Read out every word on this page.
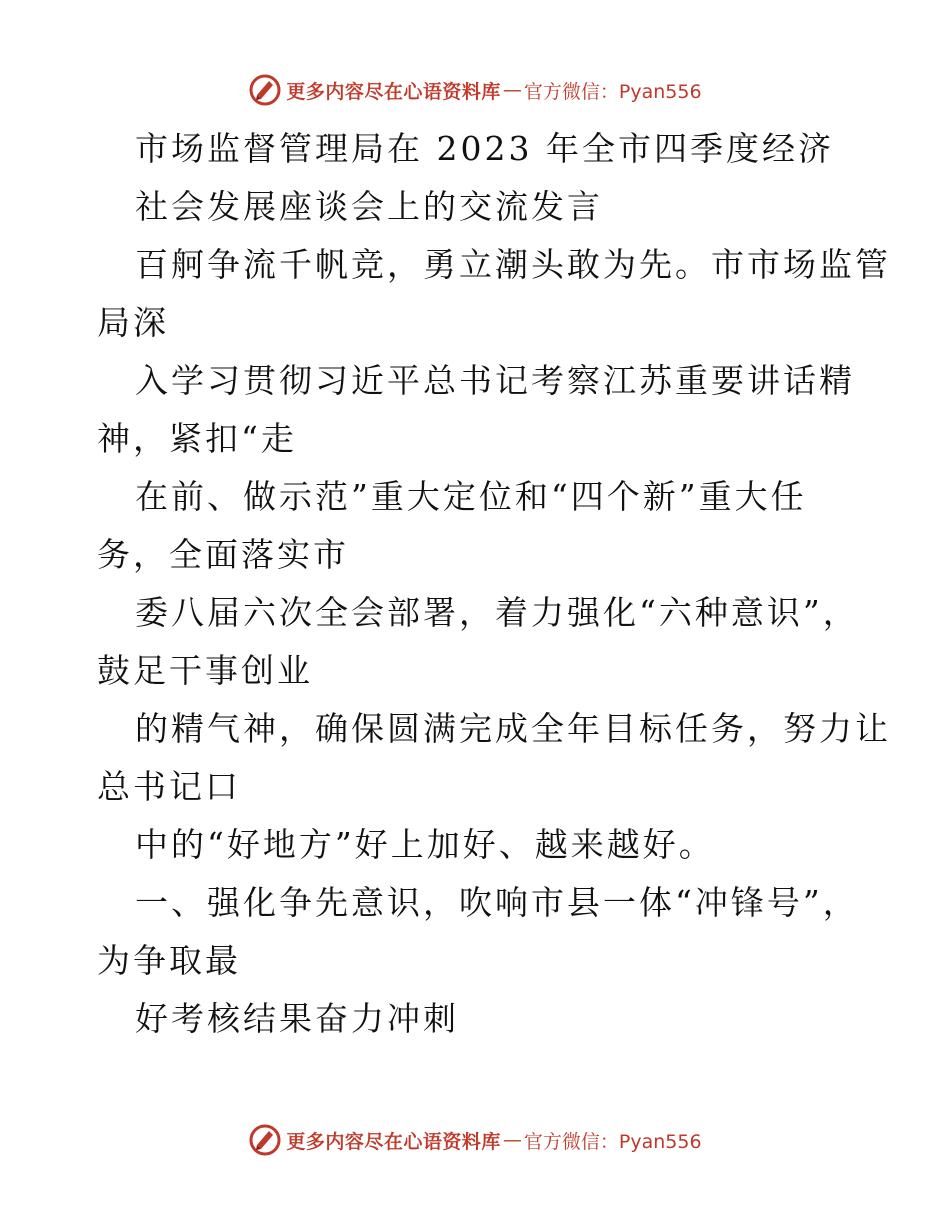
更多内容尽在心语资料库 — 官方微信：Pyan556
市场监督管理局在 2023 年全市四季度经济
社会发展座谈会上的交流发言
百舸争流千帆竞，勇立潮头敢为先。市市场监管
局深
入学习贯彻习近平总书记考察江苏重要讲话精
神，紧扣“走
在前、做示范”重大定位和“四个新”重大任
务，全面落实市
委八届六次全会部署，着力强化“六种意识”，
鼓足干事创业
的精气神，确保圆满完成全年目标任务，努力让
总书记口
中的“好地方”好上加好、越来越好。
一、强化争先意识，吹响市县一体“冲锋号”，
为争取最
好考核结果奋力冲刺
更多内容尽在心语资料库 — 官方微信：Pyan556
